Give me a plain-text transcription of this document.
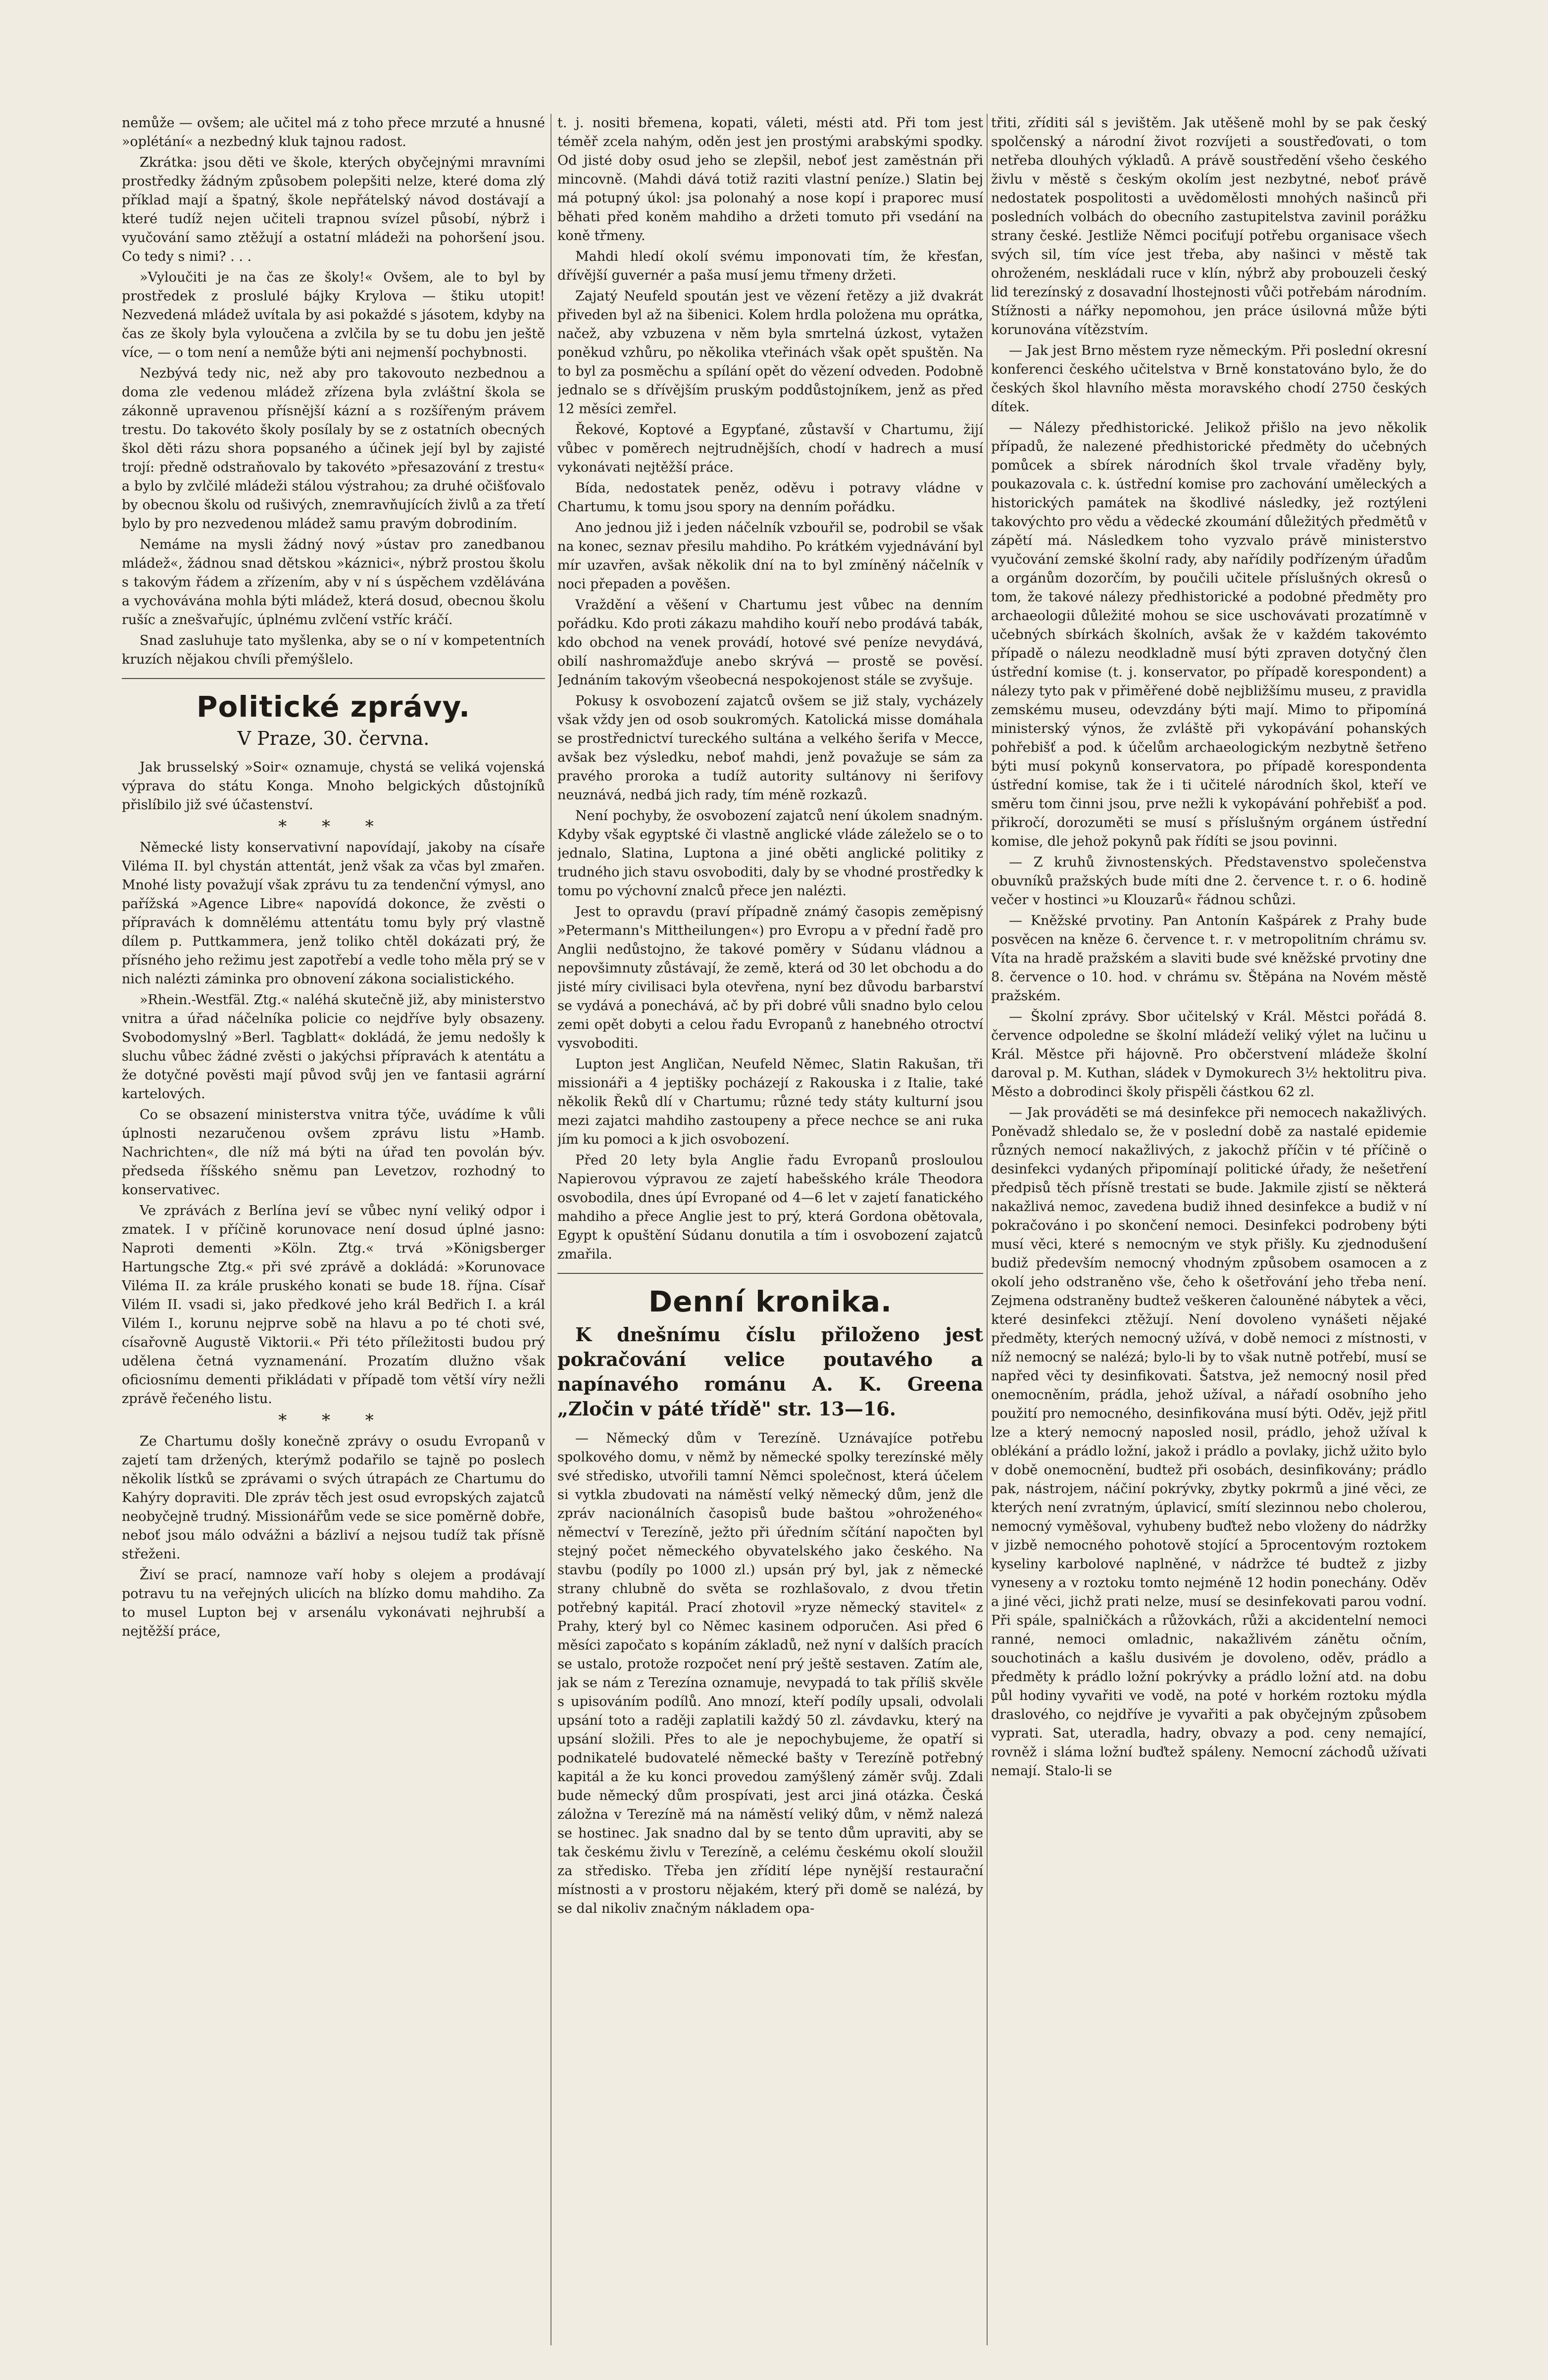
nemůže — ovšem; ale učitel má z toho přece mrzuté a hnusné »oplétání« a nezbedný kluk tajnou radost.

Zkrátka: jsou děti ve škole, kterých obyčejnými mravními prostředky žádným způsobem polepšiti nelze, které doma zlý příklad mají a špatný, škole nepřátelský návod dostávají a které tudíž nejen učiteli trapnou svízel působí, nýbrž i vyučování samo ztěžují a ostatní mládeži na pohoršení jsou. Co tedy s nimi? . . .

»Vyloučiti je na čas ze školy!« Ovšem, ale to byl by prostředek z proslulé bájky Krylova — štiku utopit! Nezvedená mládež uvítala by asi pokaždé s jásotem, kdyby na čas ze školy byla vyloučena a zvlčila by se tu dobu jen ještě více, — o tom není a nemůže býti ani nejmenší pochybnosti.

Nezbývá tedy nic, než aby pro takovouto nezbednou a doma zle vedenou mládež zřízena byla zvláštní škola se zákonně upravenou přísnější kázní a s rozšířeným právem trestu. Do takovéto školy posílaly by se z ostatních obecných škol děti rázu shora popsaného a účinek její byl by zajisté trojí: předně odstraňovalo by takovéto »přesazování z trestu« a bylo by zvlčilé mládeži stálou výstrahou; za druhé očišťovalo by obecnou školu od rušivých, znemravňujících živlů a za třetí bylo by pro nezvedenou mládež samu pravým dobrodiním.

Nemáme na mysli žádný nový »ústav pro zanedbanou mládež«, žádnou snad dětskou »káznici«, nýbrž prostou školu s takovým řádem a zřízením, aby v ní s úspěchem vzdělávána a vychovávána mohla býti mládež, která dosud, obecnou školu rušíc a znešvařujíc, úplnému zvlčení vstříc kráčí.

Snad zasluhuje tato myšlenka, aby se o ní v kompetentních kruzích nějakou chvíli přemýšlelo.

Politické zprávy.
V Praze, 30. června.

Jak brusselský »Soir« oznamuje, chystá se veliká vojenská výprava do státu Konga. Mnoho belgických důstojníků přislíbilo již své účastenství.

* * *

Německé listy konservativní napovídají, jakoby na císaře Viléma II. byl chystán attentát, jenž však za včas byl zmařen. Mnohé listy považují však zprávu tu za tendenční výmysl, ano pařížská »Agence Libre« napovídá dokonce, že zvěsti o přípravách k domnělému attentátu tomu byly prý vlastně dílem p. Puttkammera, jenž toliko chtěl dokázati prý, že přísného jeho režimu jest zapotřebí a vedle toho měla prý se v nich nalézti záminka pro obnovení zákona socialistického.

»Rhein.-Westfäl. Ztg.« naléhá skutečně již, aby ministerstvo vnitra a úřad náčelníka policie co nejdříve byly obsazeny. Svobodomyslný »Berl. Tagblatt« dokládá, že jemu nedošly k sluchu vůbec žádné zvěsti o jakýchsi přípravách k atentátu a že dotyčné pověsti mají původ svůj jen ve fantasii agrární kartelových.

Co se obsazení ministerstva vnitra týče, uvádíme k vůli úplnosti nezaručenou ovšem zprávu listu »Hamb. Nachrichten«, dle níž má býti na úřad ten povolán býv. předseda říšského sněmu pan Levetzov, rozhodný to konservativec.

Ve zprávách z Berlína jeví se vůbec nyní veliký odpor i zmatek. I v příčině korunovace není dosud úplné jasno: Naproti dementi »Köln. Ztg.« trvá »Königsberger Hartungsche Ztg.« při své zprávě a dokládá: »Korunovace Viléma II. za krále pruského konati se bude 18. října. Císař Vilém II. vsadi si, jako předkové jeho král Bedřich I. a král Vilém I., korunu nejprve sobě na hlavu a po té choti své, císařovně Augustě Viktorii.« Při této příležitosti budou prý udělena četná vyznamenání. Prozatím dlužno však oficiosnímu dementi přikládati v případě tom větší víry nežli zprávě řečeného listu.

* * *

Ze Chartumu došly konečně zprávy o osudu Evropanů v zajetí tam držených, kterýmž podařilo se tajně po poslech několik lístků se zprávami o svých útrapách ze Chartumu do Kahýry dopraviti. Dle zpráv těch jest osud evropských zajatců neobyčejně trudný. Missionářům vede se sice poměrně dobře, neboť jsou málo odvážni a bázliví a nejsou tudíž tak přísně střeženi.

Živí se prací, namnoze vaří hoby s olejem a prodávají potravu tu na veřejných ulicích na blízko domu mahdiho. Za to musel Lupton bej v arsenálu vykonávati nejhrubší a nejtěžší práce,

t. j. nositi břemena, kopati, váleti, mésti atd. Při tom jest téměř zcela nahým, oděn jest jen prostými arabskými spodky. Od jisté doby osud jeho se zlepšil, neboť jest zaměstnán při mincovně. (Mahdi dává totiž raziti vlastní peníze.) Slatin bej má potupný úkol: jsa polonahý a nose kopí i praporec musí běhati před koněm mahdiho a držeti tomuto při vsedání na koně třmeny.

Mahdi hledí okolí svému imponovati tím, že křesťan, dřívější guvernér a paša musí jemu třmeny držeti.

Zajatý Neufeld spoután jest ve vězení řetězy a již dvakrát přiveden byl až na šibenici. Kolem hrdla položena mu oprátka, načež, aby vzbuzena v něm byla smrtelná úzkost, vytažen poněkud vzhůru, po několika vteřinách však opět spuštěn. Na to byl za posměchu a spílání opět do vězení odveden. Podobně jednalo se s dřívějším pruským poddůstojníkem, jenž as před 12 měsíci zemřel.

Řekové, Koptové a Egypťané, zůstavší v Chartumu, žijí vůbec v poměrech nejtrudnějších, chodí v hadrech a musí vykonávati nejtěžší práce.

Bída, nedostatek peněz, oděvu i potravy vládne v Chartumu, k tomu jsou spory na denním pořádku.

Ano jednou již i jeden náčelník vzbouřil se, podrobil se však na konec, seznav přesilu mahdiho. Po krátkém vyjednávání byl mír uzavřen, avšak několik dní na to byl zmíněný náčelník v noci přepaden a pověšen.

Vraždění a věšení v Chartumu jest vůbec na denním pořádku. Kdo proti zákazu mahdiho kouří nebo prodává tabák, kdo obchod na venek provádí, hotové své peníze nevydává, obilí nashromažďuje anebo skrývá — prostě se pověsí. Jednáním takovým všeobecná nespokojenost stále se zvyšuje.

Pokusy k osvobození zajatců ovšem se již staly, vycházely však vždy jen od osob soukromých. Katolická misse domáhala se prostřednictví tureckého sultána a velkého šerifa v Mecce, avšak bez výsledku, neboť mahdi, jenž považuje se sám za pravého proroka a tudíž autority sultánovy ni šerifovy neuznává, nedbá jich rady, tím méně rozkazů.

Není pochyby, že osvobození zajatců není úkolem snadným. Kdyby však egyptské či vlastně anglické vláde záleželo se o to jednalo, Slatina, Luptona a jiné oběti anglické politiky z trudného jich stavu osvoboditi, daly by se vhodné prostředky k tomu po výchovní znalců přece jen nalézti.

Jest to opravdu (praví případně známý časopis zeměpisný »Petermann's Mittheilungen«) pro Evropu a v přední řadě pro Anglii nedůstojno, že takové poměry v Súdanu vládnou a nepovšimnuty zůstávají, že země, která od 30 let obchodu a do jisté míry civilisaci byla otevřena, nyní bez důvodu barbarství se vydává a ponechává, ač by při dobré vůli snadno bylo celou zemi opět dobyti a celou řadu Evropanů z hanebného otroctví vysvoboditi.

Lupton jest Angličan, Neufeld Němec, Slatin Rakušan, tři missionáři a 4 jeptišky pocházejí z Rakouska i z Italie, také několik Řeků dlí v Chartumu; různé tedy státy kulturní jsou mezi zajatci mahdiho zastoupeny a přece nechce se ani ruka jím ku pomoci a k jich osvobození.

Před 20 lety byla Anglie řadu Evropanů prosloulou Napierovou výpravou ze zajetí habešského krále Theodora osvobodila, dnes úpí Evropané od 4—6 let v zajetí fanatického mahdiho a přece Anglie jest to prý, která Gordona obětovala, Egypt k opuštění Súdanu donutila a tím i osvobození zajatců zmařila.

Denní kronika.
K dnešnímu číslu přiloženo jest pokračování velice poutavého a napínavého románu A. K. Greena „Zločin v páté třídě" str. 13—16.

— Německý dům v Terezíně. Uznávajíce potřebu spolkového domu, v němž by německé spolky terezínské měly své středisko, utvořili tamní Němci společnost, která účelem si vytkla zbudovati na náměstí velký německý dům, jenž dle zpráv nacionálních časopisů bude baštou »ohroženého« němectví v Terezíně, ježto při úředním sčítání napočten byl stejný počet německého obyvatelského jako českého. Na stavbu (podíly po 1000 zl.) upsán prý byl, jak z německé strany chlubně do světa se rozhlašovalo, z dvou třetin potřebný kapitál. Prací zhotovil »ryze německý stavitel« z Prahy, který byl co Němec kasinem odporučen. Asi před 6 měsíci započato s kopáním základů, než nyní v dalších pracích se ustalo, protože rozpočet není prý ještě sestaven. Zatím ale, jak se nám z Terezína oznamuje, nevypadá to tak příliš skvěle s upisováním podílů. Ano mnozí, kteří podíly upsali, odvolali upsání toto a raději zaplatili každý 50 zl. závdavku, který na upsání složili. Přes to ale je nepochybujeme, že opatří si podnikatelé budovatelé německé bašty v Terezíně potřebný kapitál a že ku konci provedou zamýšlený záměr svůj. Zdali bude německý dům prospívati, jest arci jiná otázka. Česká záložna v Terezíně má na náměstí veliký dům, v němž nalezá se hostinec. Jak snadno dal by se tento dům upraviti, aby se tak českému živlu v Terezíně, a celému českému okolí sloužil za středisko. Třeba jen zřídití lépe nynější restaurační místnosti a v prostoru nějakém, který při domě se nalézá, by se dal nikoliv značným nákladem opa-

třiti, zříditi sál s jevištěm. Jak utěšeně mohl by se pak český spolčenský a národní život rozvíjeti a soustřeďovati, o tom netřeba dlouhých výkladů. A právě soustředění všeho českého živlu v městě s českým okolím jest nezbytné, neboť právě nedostatek pospolitosti a uvědomělosti mnohých našinců při posledních volbách do obecního zastupitelstva zavinil porážku strany české. Jestliže Němci pociťují potřebu organisace všech svých sil, tím více jest třeba, aby našinci v městě tak ohroženém, neskládali ruce v klín, nýbrž aby probouzeli český lid terezínský z dosavadní lhostejnosti vůči potřebám národním. Stížnosti a nářky nepomohou, jen práce úsilovná může býti korunována vítězstvím.

— Jak jest Brno městem ryze německým. Při poslední okresní konferenci českého učitelstva v Brně konstatováno bylo, že do českých škol hlavního města moravského chodí 2750 českých dítek.

— Nálezy předhistorické. Jelikož přišlo na jevo několik případů, že nalezené předhistorické předměty do učebných pomůcek a sbírek národních škol trvale vřaděny byly, poukazovala c. k. ústřední komise pro zachování uměleckých a historických památek na škodlivé následky, jež roztýleni takovýchto pro vědu a vědecké zkoumání důležitých předmětů v zápětí má. Následkem toho vyzvalo právě ministerstvo vyučování zemské školní rady, aby nařídily podřízeným úřadům a orgánům dozorčím, by poučili učitele příslušných okresů o tom, že takové nálezy předhistorické a podobné předměty pro archaeologii důležité mohou se sice uschovávati prozatímně v učebných sbírkách školních, avšak že v každém takovémto případě o nálezu neodkladně musí býti zpraven dotyčný člen ústřední komise (t. j. konservator, po případě korespondent) a nálezy tyto pak v přiměřené době nejbližšímu museu, z pravidla zemskému museu, odevzdány býti mají. Mimo to připomíná ministerský výnos, že zvláště při vykopávání pohanských pohřebišť a pod. k účelům archaeologickým nezbytně šetřeno býti musí pokynů konservatora, po případě korespondenta ústřední komise, tak že i ti učitelé národních škol, kteří ve směru tom činni jsou, prve nežli k vykopávání pohřebišť a pod. přikročí, dorozuměti se musí s příslušným orgánem ústřední komise, dle jehož pokynů pak řídíti se jsou povinni.

— Z kruhů živnostenských. Představenstvo společenstva obuvníků pražských bude míti dne 2. července t. r. o 6. hodině večer v hostinci »u Klouzarů« řádnou schůzi.

— Kněžské prvotiny. Pan Antonín Kašpárek z Prahy bude posvěcen na kněze 6. července t. r. v metropolitním chrámu sv. Víta na hradě pražském a slaviti bude své kněžské prvotiny dne 8. července o 10. hod. v chrámu sv. Štěpána na Novém městě pražském.

— Školní zprávy. Sbor učitelský v Král. Městci pořádá 8. července odpoledne se školní mládeží veliký výlet na lučinu u Král. Městce při hájovně. Pro občerstvení mládeže školní daroval p. M. Kuthan, sládek v Dymokurech 3½ hektolitru piva. Město a dobrodinci školy přispěli částkou 62 zl.

— Jak prováděti se má desinfekce při nemocech nakažlivých. Poněvadž shledalo se, že v poslední době za nastalé epidemie různých nemocí nakažlivých, z jakochž příčin v té příčině o desinfekci vydaných připomínají politické úřady, že nešetření předpisů těch přísně trestati se bude. Jakmile zjistí se některá nakažlivá nemoc, zavedena budiž ihned desinfekce a budiž v ní pokračováno i po skončení nemoci. Desinfekci podrobeny býti musí věci, které s nemocným ve styk přišly. Ku zjednodušení budiž především nemocný vhodným způsobem osamocen a z okolí jeho odstraněno vše, čeho k ošetřování jeho třeba není. Zejmena odstraněny budtež veškeren čalouněné nábytek a věci, které desinfekci ztěžují. Není dovoleno vynášeti nějaké předměty, kterých nemocný užívá, v době nemoci z místnosti, v níž nemocný se nalézá; bylo-li by to však nutně potřebí, musí se napřed věci ty desinfikovati. Šatstva, jež nemocný nosil před onemocněním, prádla, jehož užíval, a nářadí osobního jeho použití pro nemocného, desinfikována musí býti. Oděv, jejž přitl lze a který nemocný naposled nosil, prádlo, jehož užíval k oblékání a prádlo ložní, jakož i prádlo a povlaky, jichž užito bylo v době onemocnění, budtež při osobách, desinfikovány; prádlo pak, nástrojem, náčiní pokrývky, zbytky pokrmů a jiné věci, ze kterých není zvratným, úplavicí, smítí slezinnou nebo cholerou, nemocný vyměšoval, vyhubeny buďtež nebo vloženy do nádržky v jizbě nemocného pohotově stojící a 5procentovým roztokem kyseliny karbolové naplněné, v nádržce té budtež z jizby vyneseny a v roztoku tomto nejméně 12 hodin ponechány. Oděv a jiné věci, jichž prati nelze, musí se desinfekovati parou vodní. Při spále, spalničkách a růžovkách, růži a akcidentelní nemoci ranné, nemoci omladnic, nakažlivém zánětu očním, souchotinách a kašlu dusivém je dovoleno, oděv, prádlo a předměty k prádlo ložní pokrývky a prádlo ložní atd. na dobu půl hodiny vyvařiti ve vodě, na poté v horkém roztoku mýdla draslového, co nejdříve je vyvařiti a pak obyčejným způsobem vyprati. Sat, uteradla, hadry, obvazy a pod. ceny nemající, rovněž i sláma ložní buďtež spáleny. Nemocní záchodů užívati nemají. Stalo-li se
